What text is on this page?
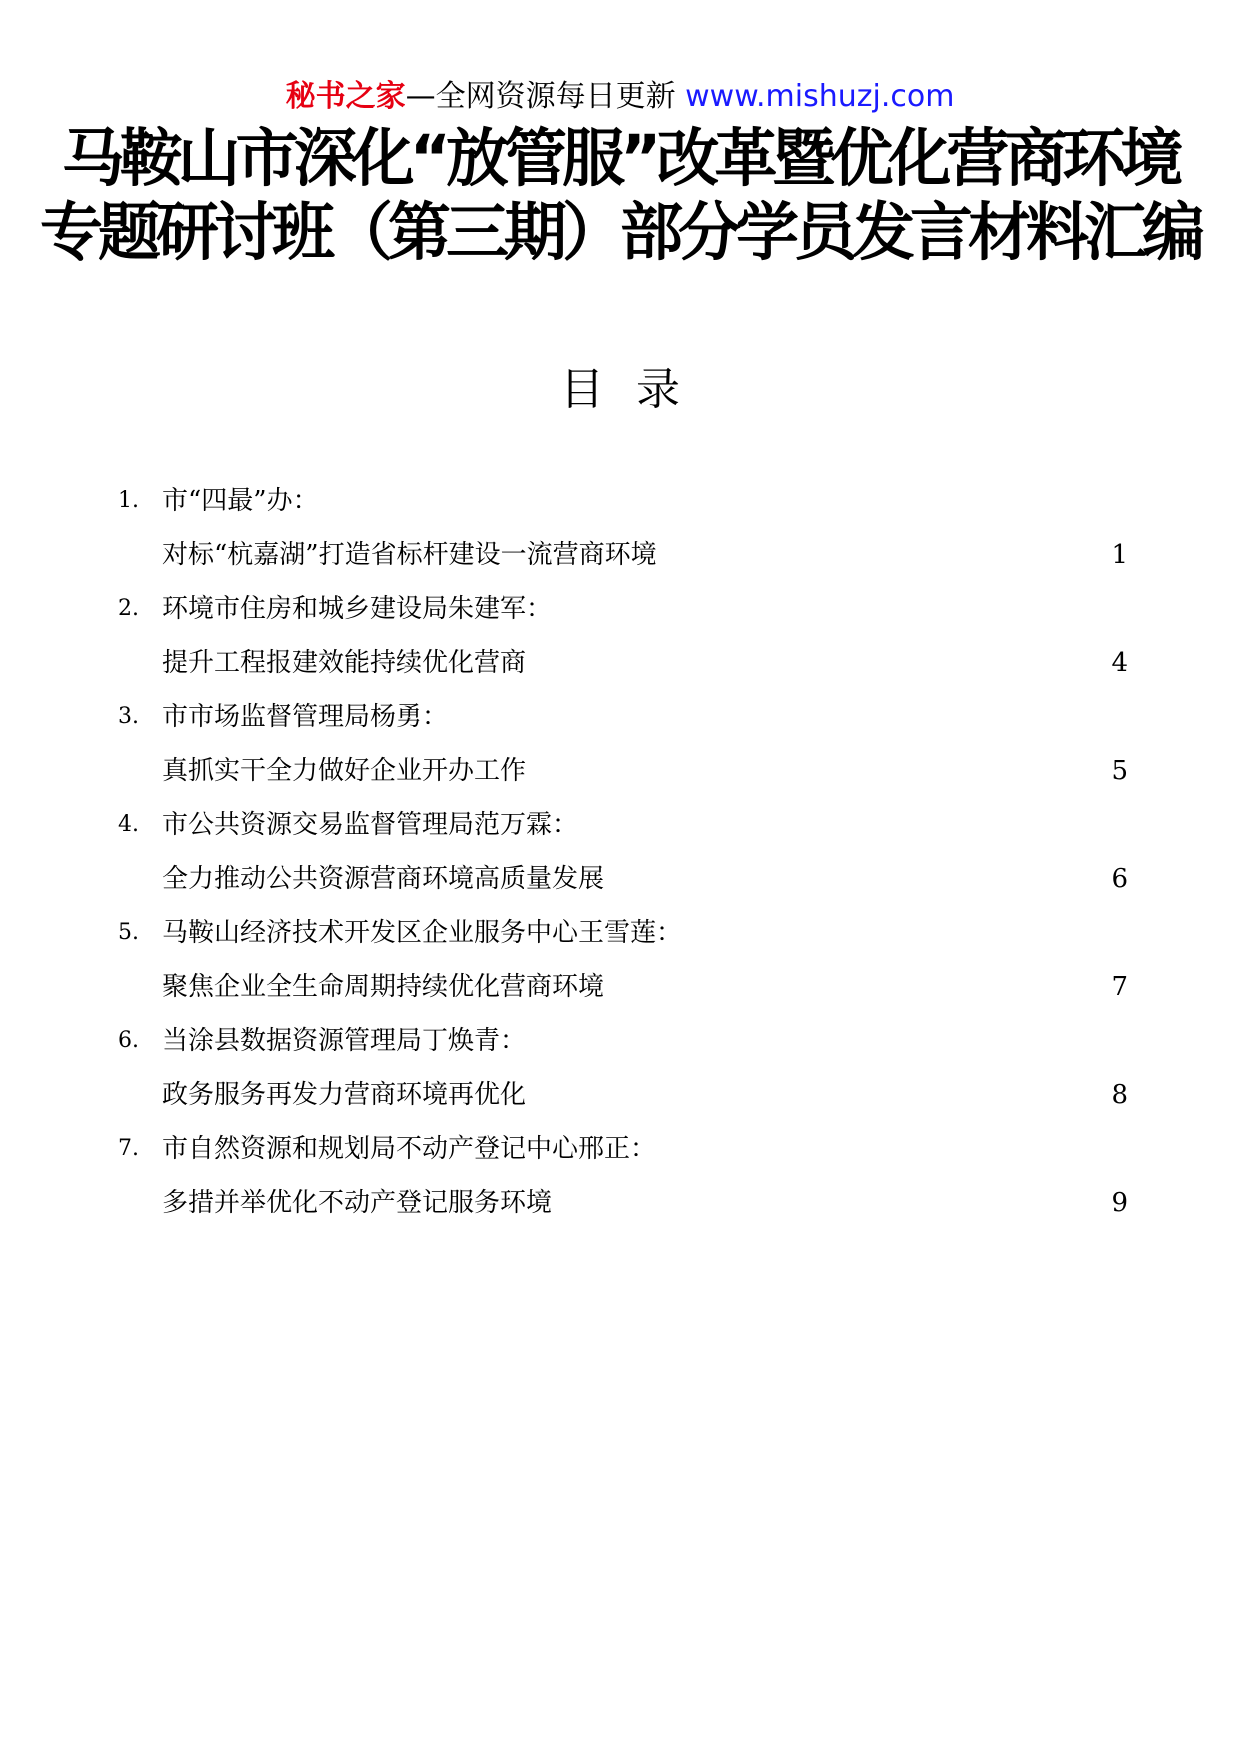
秘书之家—全网资源每日更新 www.mishuzj.com
马鞍山市深化“放管服”改革暨优化营商环境
专题研讨班（第三期）部分学员发言材料汇编
目录
1. 市“四最”办：
对标“杭嘉湖”打造省标杆建设一流营商环境	1
2. 环境市住房和城乡建设局朱建军：
提升工程报建效能持续优化营商	4
3. 市市场监督管理局杨勇：
真抓实干全力做好企业开办工作	5
4. 市公共资源交易监督管理局范万霖：
全力推动公共资源营商环境高质量发展	6
5. 马鞍山经济技术开发区企业服务中心王雪莲：
聚焦企业全生命周期持续优化营商环境	7
6. 当涂县数据资源管理局丁焕青：
政务服务再发力营商环境再优化	8
7. 市自然资源和规划局不动产登记中心邢正：
多措并举优化不动产登记服务环境	9
